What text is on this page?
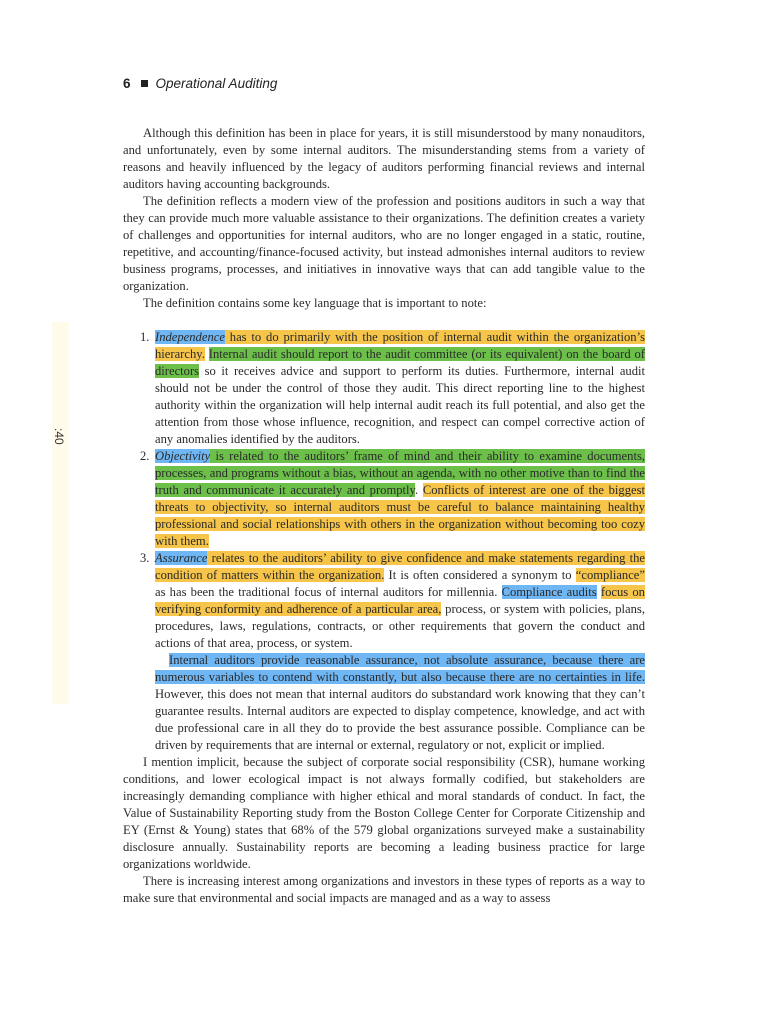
:40
6 Operational Auditing

Although this definition has been in place for years, it is still misunderstood by many nonauditors, and unfortunately, even by some internal auditors. The misunderstanding stems from a variety of reasons and heavily influenced by the legacy of auditors performing financial reviews and internal auditors having accounting backgrounds.

The definition reflects a modern view of the profession and positions auditors in such a way that they can provide much more valuable assistance to their organizations. The definition creates a variety of challenges and opportunities for internal auditors, who are no longer engaged in a static, routine, repetitive, and accounting/finance-focused activity, but instead admonishes internal auditors to review business programs, processes, and initiatives in innovative ways that can add tangible value to the organization.

The definition contains some key language that is important to note:

1. Independence has to do primarily with the position of internal audit within the organization’s hierarchy. Internal audit should report to the audit committee (or its equivalent) on the board of directors so it receives advice and support to perform its duties. Furthermore, internal audit should not be under the control of those they audit. This direct reporting line to the highest authority within the organization will help internal audit reach its full potential, and also get the attention from those whose influence, recognition, and respect can compel corrective action of any anomalies identified by the auditors.
2. Objectivity is related to the auditors’ frame of mind and their ability to examine documents, processes, and programs without a bias, without an agenda, with no other motive than to find the truth and communicate it accurately and promptly. Conflicts of interest are one of the biggest threats to objectivity, so internal auditors must be careful to balance maintaining healthy professional and social relationships with others in the organization without becoming too cozy with them.
3. Assurance relates to the auditors’ ability to give confidence and make statements regarding the condition of matters within the organization. It is often considered a synonym to “compliance” as has been the traditional focus of internal auditors for millennia. Compliance audits focus on verifying conformity and adherence of a particular area, process, or system with policies, plans, procedures, laws, regulations, contracts, or other requirements that govern the conduct and actions of that area, process, or system.
Internal auditors provide reasonable assurance, not absolute assurance, because there are numerous variables to contend with constantly, but also because there are no certainties in life. However, this does not mean that internal auditors do substandard work knowing that they can’t guarantee results. Internal auditors are expected to display competence, knowledge, and act with due professional care in all they do to provide the best assurance possible. Compliance can be driven by requirements that are internal or external, regulatory or not, explicit or implied.

I mention implicit, because the subject of corporate social responsibility (CSR), humane working conditions, and lower ecological impact is not always formally codified, but stakeholders are increasingly demanding compliance with higher ethical and moral standards of conduct. In fact, the Value of Sustainability Reporting study from the Boston College Center for Corporate Citizenship and EY (Ernst & Young) states that 68% of the 579 global organizations surveyed make a sustainability disclosure annually. Sustainability reports are becoming a leading business practice for large organizations worldwide.

There is increasing interest among organizations and investors in these types of reports as a way to make sure that environmental and social impacts are managed and as a way to assess
